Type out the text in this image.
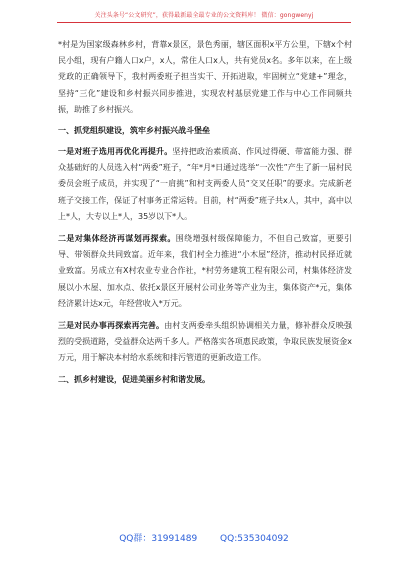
关注头条号“公文研究”，获得最新最全最专业的公文资料库！ 微信：gongwenyj

*村是为国家级森林乡村，背靠x景区，景色秀丽，辖区面积x平方公里，下辖x个村民小组，现有户籍人口x户，x人，常住人口x人，共有党员x名。多年以来，在上级党政的正确领导下，我村两委班子担当实干、开拓进取，牢固树立“党建+”理念，坚持“三化”建设和乡村振兴同步推进，实现农村基层党建工作与中心工作同频共振，助推了乡村振兴。

一、抓党组织建设，筑牢乡村振兴战斗堡垒

一是对班子选用再优化再提升。坚持把政治素质高、作风过得硬、带富能力强、群众基础好的人员选入村“两委”班子，“年*月*日通过选举“一次性”产生了新一届村民委员会班子成员，并实现了“一肩挑”和村支两委人员“交叉任职”的要求。完成新老班子交接工作，保证了村事务正常运转。目前，村“两委”班子共x人，其中，高中以上*人，大专以上*人，35岁以下*人。

二是对集体经济再谋划再探索。围绕增强村级保障能力，不但自己致富，更要引导、带领群众共同致富。近年来，我们村全力推进“小木屋”经济，推动村民择近就业致富。另成立有X村农业专业合作社，*村劳务建筑工程有限公司，村集体经济发展以小木屋、加水点、依托x景区开展村公司业务等产业为主，集体资产*元，集体经济累计达x元，年经营收入*万元。

三是对民办事再探索再完善。由村支两委牵头组织协调相关力量，修补群众反映强烈的受损道路，受益群众达两千多人。严格落实各项惠民政策，争取民族发展资金x万元，用于解决本村给水系统和排污管道的更新改造工作。

二、抓乡村建设，促进美丽乡村和谐发展。

QQ群：31991489	QQ:535304092
